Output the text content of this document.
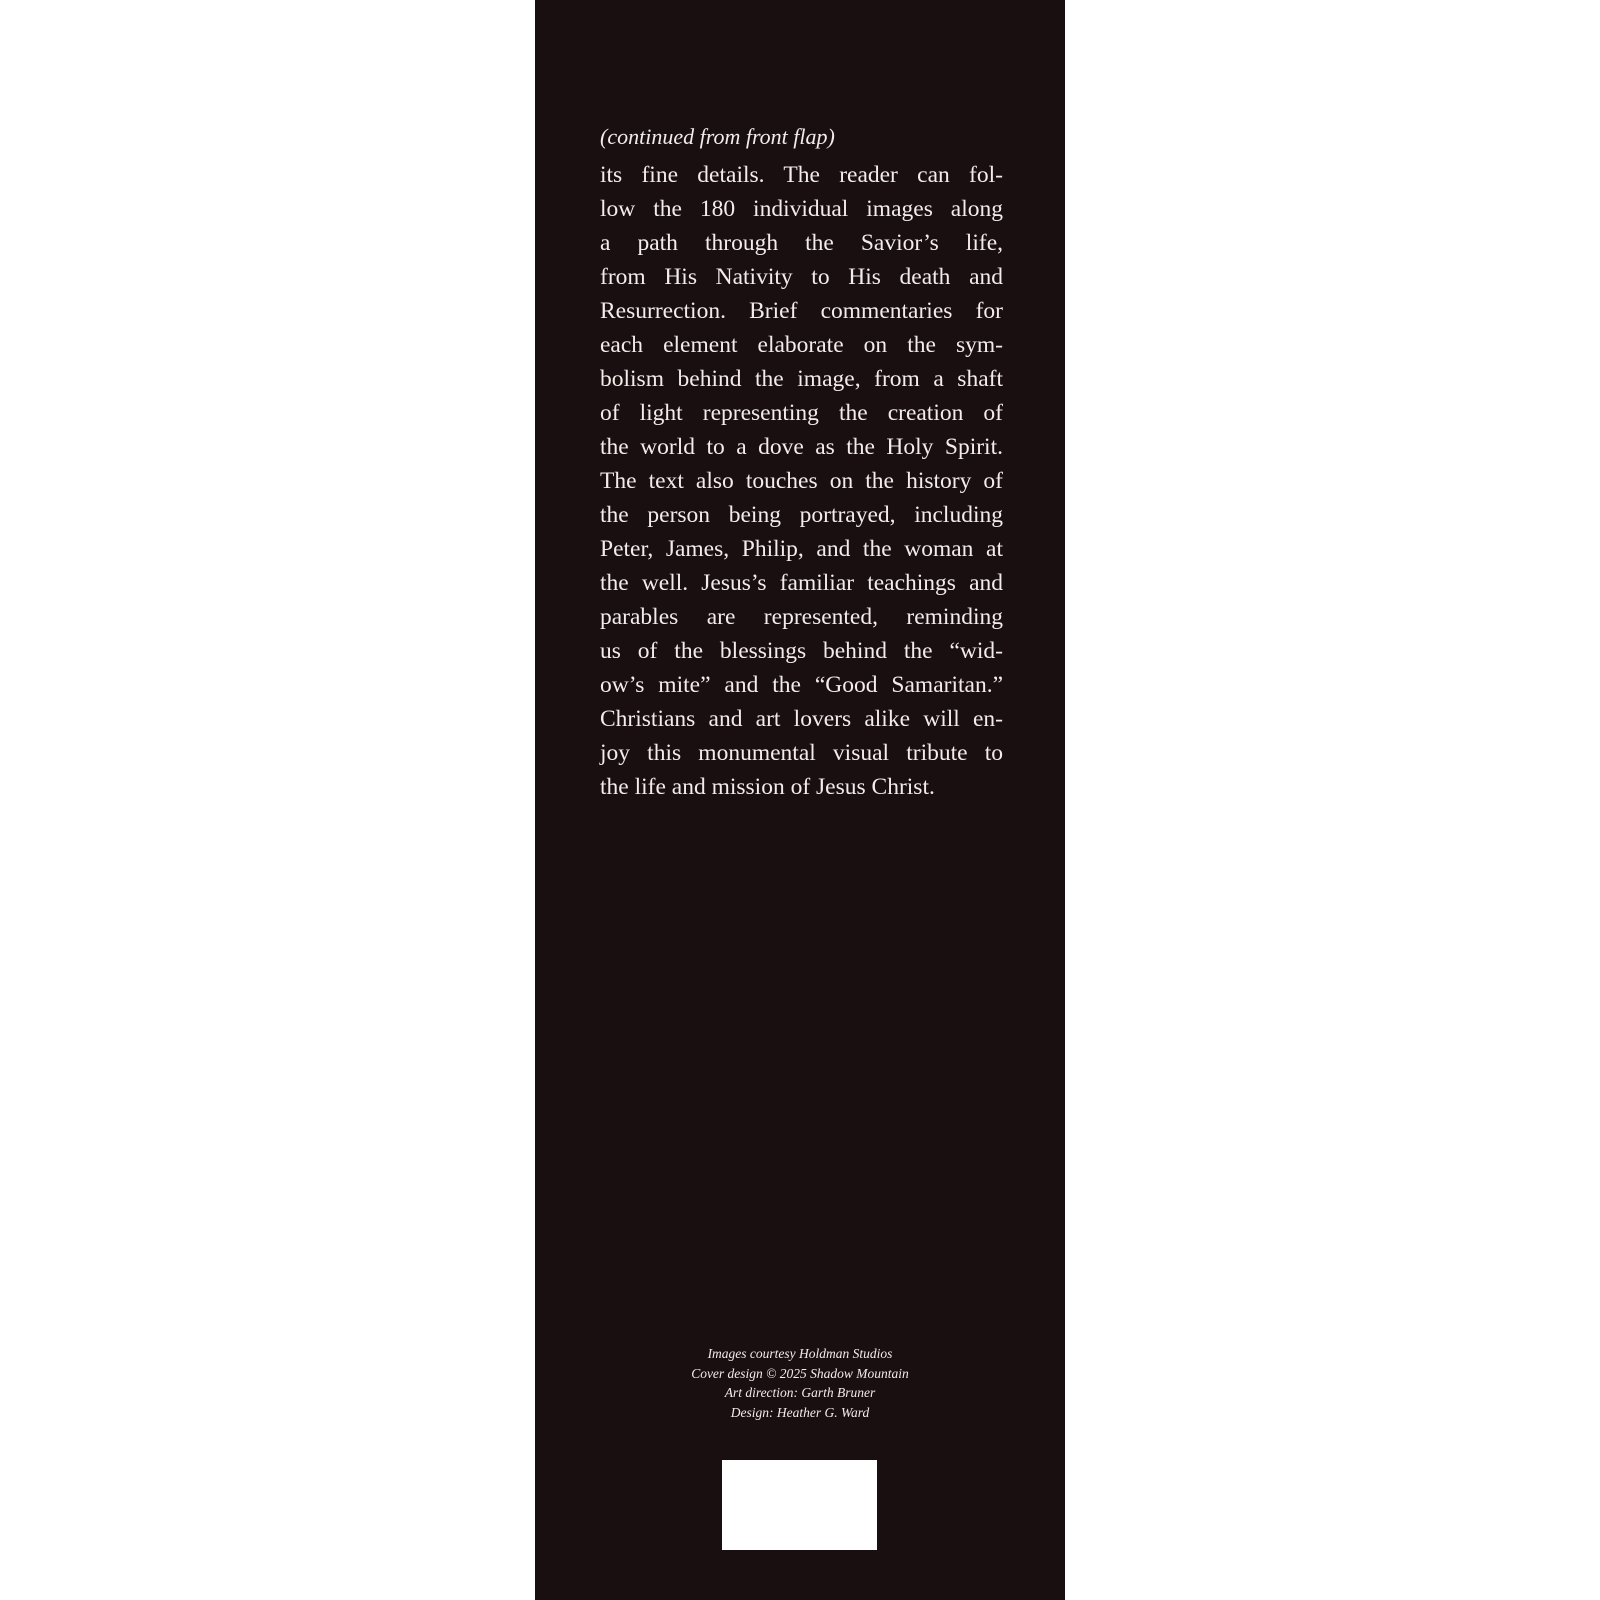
(continued from front flap)

its fine details. The reader can fol-
low the 180 individual images along
a path through the Savior’s life,
from His Nativity to His death and
Resurrection. Brief commentaries for
each element elaborate on the sym-
bolism behind the image, from a shaft
of light representing the creation of
the world to a dove as the Holy Spirit.
The text also touches on the history of
the person being portrayed, including
Peter, James, Philip, and the woman at
the well. Jesus’s familiar teachings and
parables are represented, reminding
us of the blessings behind the “wid-
ow’s mite” and the “Good Samaritan.”
Christians and art lovers alike will en-
joy this monumental visual tribute to
the life and mission of Jesus Christ.
Images courtesy Holdman Studios
Cover design © 2025 Shadow Mountain
Art direction: Garth Bruner
Design: Heather G. Ward
